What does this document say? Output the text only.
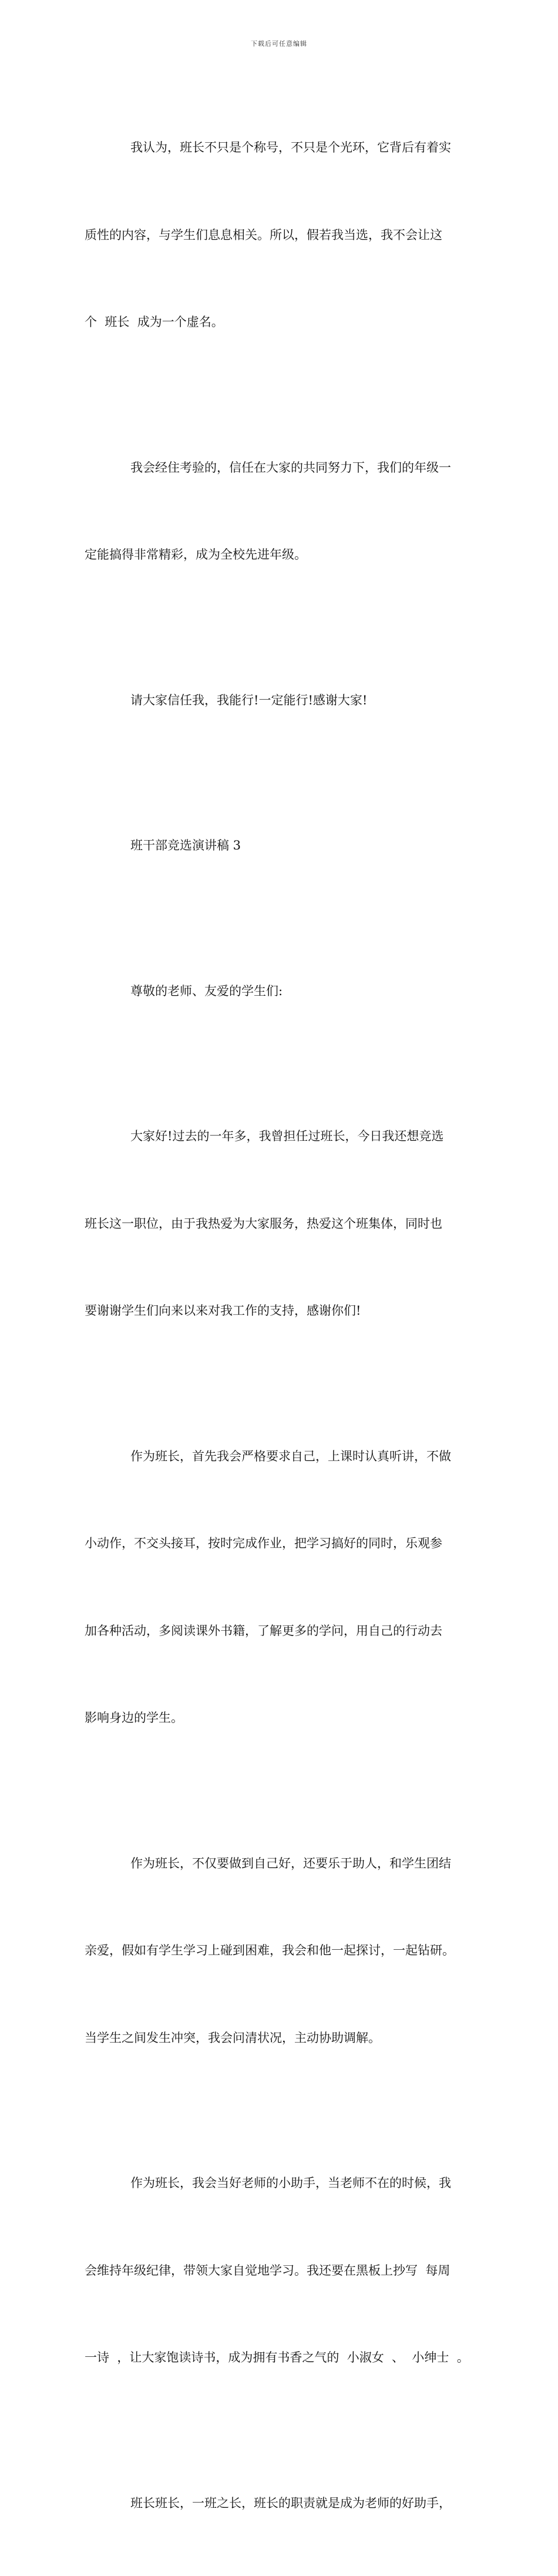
下载后可任意编辑

我认为，班长不只是个称号，不只是个光环，它背后有着实

质性的内容，与学生们息息相关。所以，假若我当选，我不会让这

个  班长  成为一个虚名。

我会经住考验的，信任在大家的共同努力下，我们的年级一

定能搞得非常精彩，成为全校先进年级。

请大家信任我，我能行!一定能行!感谢大家!

班干部竞选演讲稿 3

尊敬的老师、友爱的学生们:

大家好!过去的一年多，我曾担任过班长，今日我还想竞选

班长这一职位，由于我热爱为大家服务，热爱这个班集体，同时也

要谢谢学生们向来以来对我工作的支持，感谢你们!

作为班长，首先我会严格要求自己，上课时认真听讲，不做

小动作，不交头接耳，按时完成作业，把学习搞好的同时，乐观参

加各种活动，多阅读课外书籍，了解更多的学问，用自己的行动去

影响身边的学生。

作为班长，不仅要做到自己好，还要乐于助人，和学生团结

亲爱，假如有学生学习上碰到困难，我会和他一起探讨，一起钻研。

当学生之间发生冲突，我会问清状况，主动协助调解。

作为班长，我会当好老师的小助手，当老师不在的时候，我

会维持年级纪律，带领大家自觉地学习。我还要在黑板上抄写  每周

一诗  ，让大家饱读诗书，成为拥有书香之气的  小淑女  、  小绅士  。

班长班长，一班之长，班长的职责就是成为老师的好助手，
